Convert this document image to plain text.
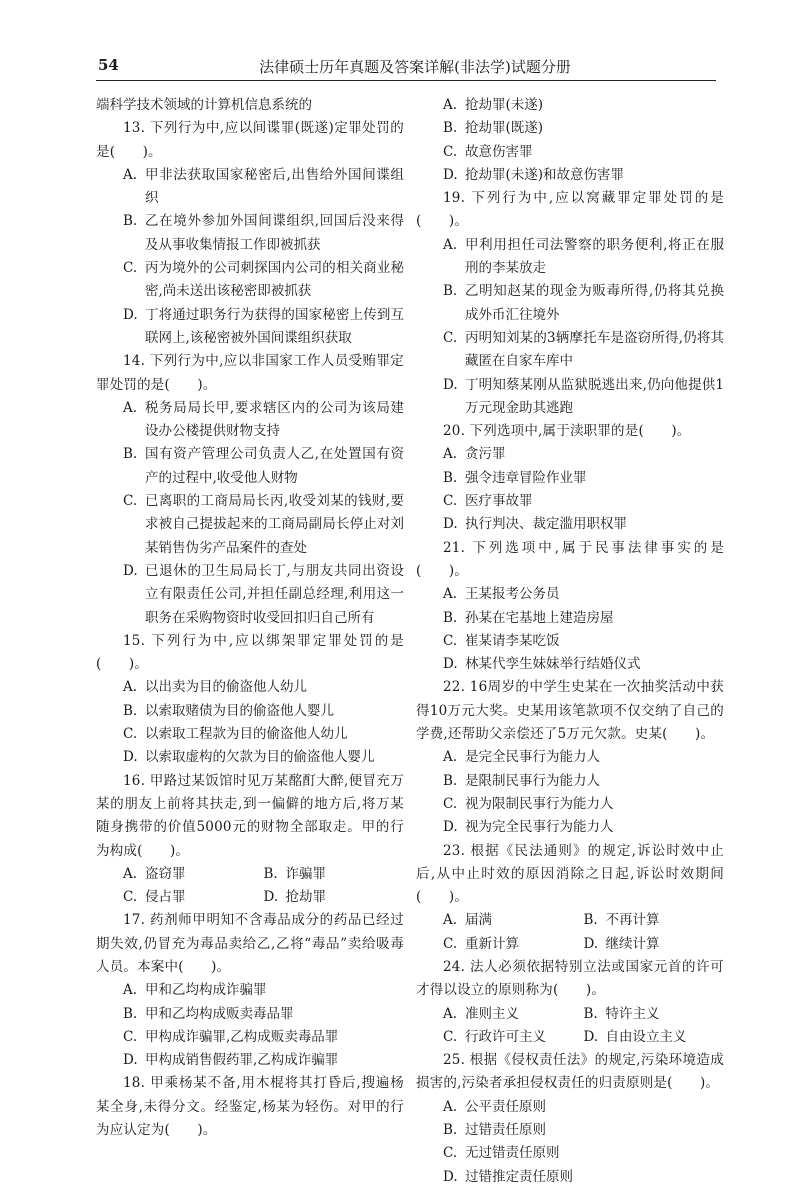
54	法律硕士历年真题及答案详解(非法学)试题分册

端科学技术领域的计算机信息系统的

13. 下列行为中,应以间谍罪(既遂)定罪处罚的是(　　)。

A. 甲非法获取国家秘密后,出售给外国间谍组织
B. 乙在境外参加外国间谍组织,回国后没来得及从事收集情报工作即被抓获
C. 丙为境外的公司刺探国内公司的相关商业秘密,尚未送出该秘密即被抓获
D. 丁将通过职务行为获得的国家秘密上传到互联网上,该秘密被外国间谍组织获取

14. 下列行为中,应以非国家工作人员受贿罪定罪处罚的是(　　)。

A. 税务局局长甲,要求辖区内的公司为该局建设办公楼提供财物支持
B. 国有资产管理公司负责人乙,在处置国有资产的过程中,收受他人财物
C. 已离职的工商局局长丙,收受刘某的钱财,要求被自己提拔起来的工商局副局长停止对刘某销售伪劣产品案件的查处
D. 已退休的卫生局局长丁,与朋友共同出资设立有限责任公司,并担任副总经理,利用这一职务在采购物资时收受回扣归自己所有

15. 下列行为中,应以绑架罪定罪处罚的是(　　)。

A. 以出卖为目的偷盗他人幼儿
B. 以索取赌债为目的偷盗他人婴儿
C. 以索取工程款为目的偷盗他人幼儿
D. 以索取虚构的欠款为目的偷盗他人婴儿

16. 甲路过某饭馆时见万某酩酊大醉,便冒充万某的朋友上前将其扶走,到一偏僻的地方后,将万某随身携带的价值5000元的财物全部取走。甲的行为构成(　　)。

A. 盗窃罪	B. 诈骗罪
C. 侵占罪	D. 抢劫罪

17. 药剂师甲明知不含毒品成分的药品已经过期失效,仍冒充为毒品卖给乙,乙将“毒品”卖给吸毒人员。本案中(　　)。

A. 甲和乙均构成诈骗罪
B. 甲和乙均构成贩卖毒品罪
C. 甲构成诈骗罪,乙构成贩卖毒品罪
D. 甲构成销售假药罪,乙构成诈骗罪

18. 甲乘杨某不备,用木棍将其打昏后,搜遍杨某全身,未得分文。经鉴定,杨某为轻伤。对甲的行为应认定为(　　)。

A. 抢劫罪(未遂)
B. 抢劫罪(既遂)
C. 故意伤害罪
D. 抢劫罪(未遂)和故意伤害罪

19. 下列行为中,应以窝藏罪定罪处罚的是(　　)。

A. 甲利用担任司法警察的职务便利,将正在服刑的李某放走
B. 乙明知赵某的现金为贩毒所得,仍将其兑换成外币汇往境外
C. 丙明知刘某的3辆摩托车是盗窃所得,仍将其藏匿在自家车库中
D. 丁明知蔡某刚从监狱脱逃出来,仍向他提供1万元现金助其逃跑

20. 下列选项中,属于渎职罪的是(　　)。

A. 贪污罪
B. 强令违章冒险作业罪
C. 医疗事故罪
D. 执行判决、裁定滥用职权罪

21. 下列选项中,属于民事法律事实的是(　　)。

A. 王某报考公务员
B. 孙某在宅基地上建造房屋
C. 崔某请李某吃饭
D. 林某代孪生妹妹举行结婚仪式

22. 16周岁的中学生史某在一次抽奖活动中获得10万元大奖。史某用该笔款项不仅交纳了自己的学费,还帮助父亲偿还了5万元欠款。史某(　　)。

A. 是完全民事行为能力人
B. 是限制民事行为能力人
C. 视为限制民事行为能力人
D. 视为完全民事行为能力人

23. 根据《民法通则》的规定,诉讼时效中止后,从中止时效的原因消除之日起,诉讼时效期间(　　)。

A. 届满	B. 不再计算
C. 重新计算	D. 继续计算

24. 法人必须依据特别立法或国家元首的许可才得以设立的原则称为(　　)。

A. 准则主义	B. 特许主义
C. 行政许可主义	D. 自由设立主义

25. 根据《侵权责任法》的规定,污染环境造成损害的,污染者承担侵权责任的归责原则是(　　)。

A. 公平责任原则
B. 过错责任原则
C. 无过错责任原则
D. 过错推定责任原则
